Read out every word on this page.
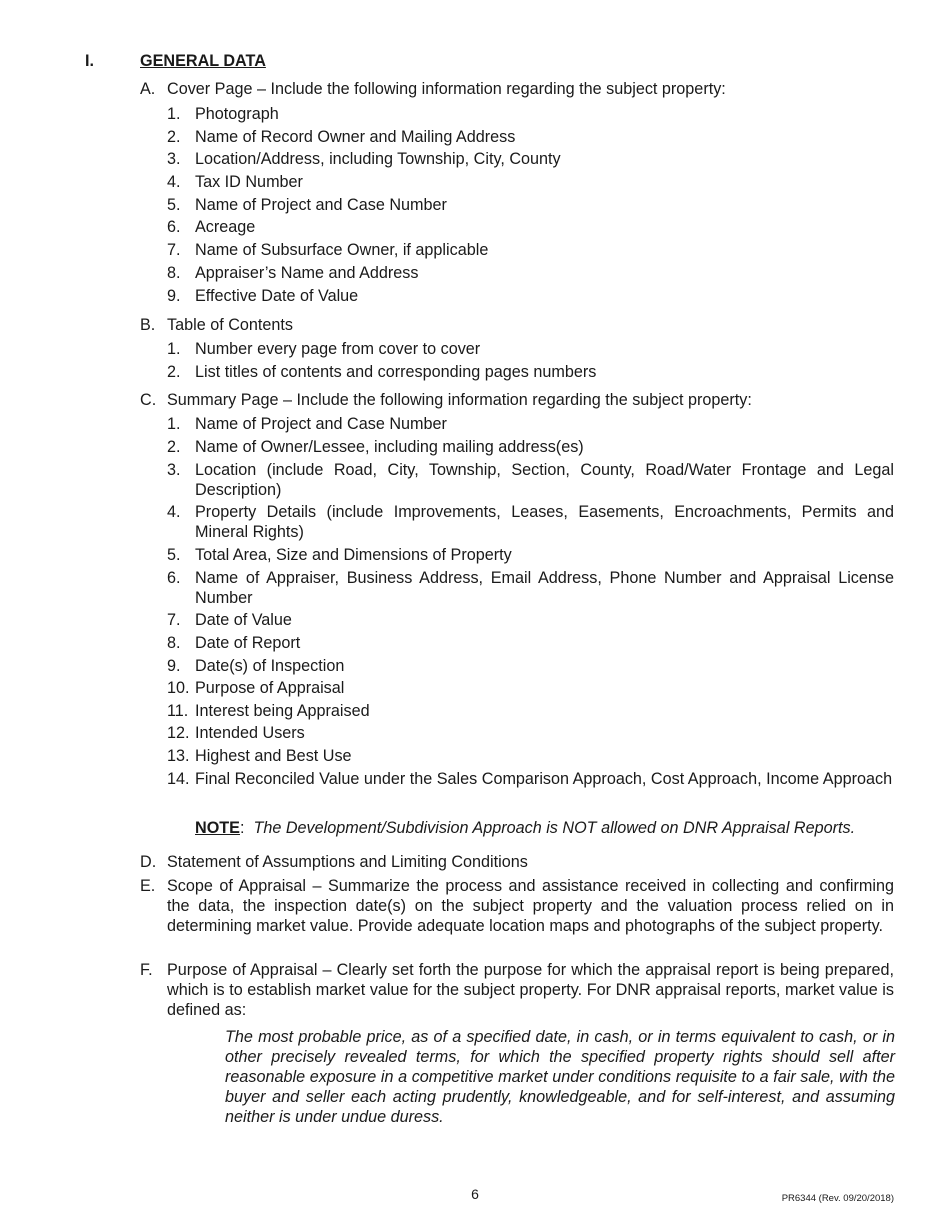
I.	GENERAL DATA
A. Cover Page – Include the following information regarding the subject property:
1. Photograph
2. Name of Record Owner and Mailing Address
3. Location/Address, including Township, City, County
4. Tax ID Number
5. Name of Project and Case Number
6. Acreage
7. Name of Subsurface Owner, if applicable
8. Appraiser’s Name and Address
9. Effective Date of Value
B. Table of Contents
1. Number every page from cover to cover
2. List titles of contents and corresponding pages numbers
C. Summary Page – Include the following information regarding the subject property:
1. Name of Project and Case Number
2. Name of Owner/Lessee, including mailing address(es)
3. Location (include Road, City, Township, Section, County, Road/Water Frontage and Legal Description)
4. Property Details (include Improvements, Leases, Easements, Encroachments, Permits and Mineral Rights)
5. Total Area, Size and Dimensions of Property
6. Name of Appraiser, Business Address, Email Address, Phone Number and Appraisal License Number
7. Date of Value
8. Date of Report
9. Date(s) of Inspection
10. Purpose of Appraisal
11. Interest being Appraised
12. Intended Users
13. Highest and Best Use
14. Final Reconciled Value under the Sales Comparison Approach, Cost Approach, Income Approach
NOTE: The Development/Subdivision Approach is NOT allowed on DNR Appraisal Reports.
D. Statement of Assumptions and Limiting Conditions
E. Scope of Appraisal – Summarize the process and assistance received in collecting and confirming the data, the inspection date(s) on the subject property and the valuation process relied on in determining market value. Provide adequate location maps and photographs of the subject property.
F. Purpose of Appraisal – Clearly set forth the purpose for which the appraisal report is being prepared, which is to establish market value for the subject property. For DNR appraisal reports, market value is defined as:
The most probable price, as of a specified date, in cash, or in terms equivalent to cash, or in other precisely revealed terms, for which the specified property rights should sell after reasonable exposure in a competitive market under conditions requisite to a fair sale, with the buyer and seller each acting prudently, knowledgeable, and for self-interest, and assuming neither is under undue duress.
6	PR6344 (Rev. 09/20/2018)
